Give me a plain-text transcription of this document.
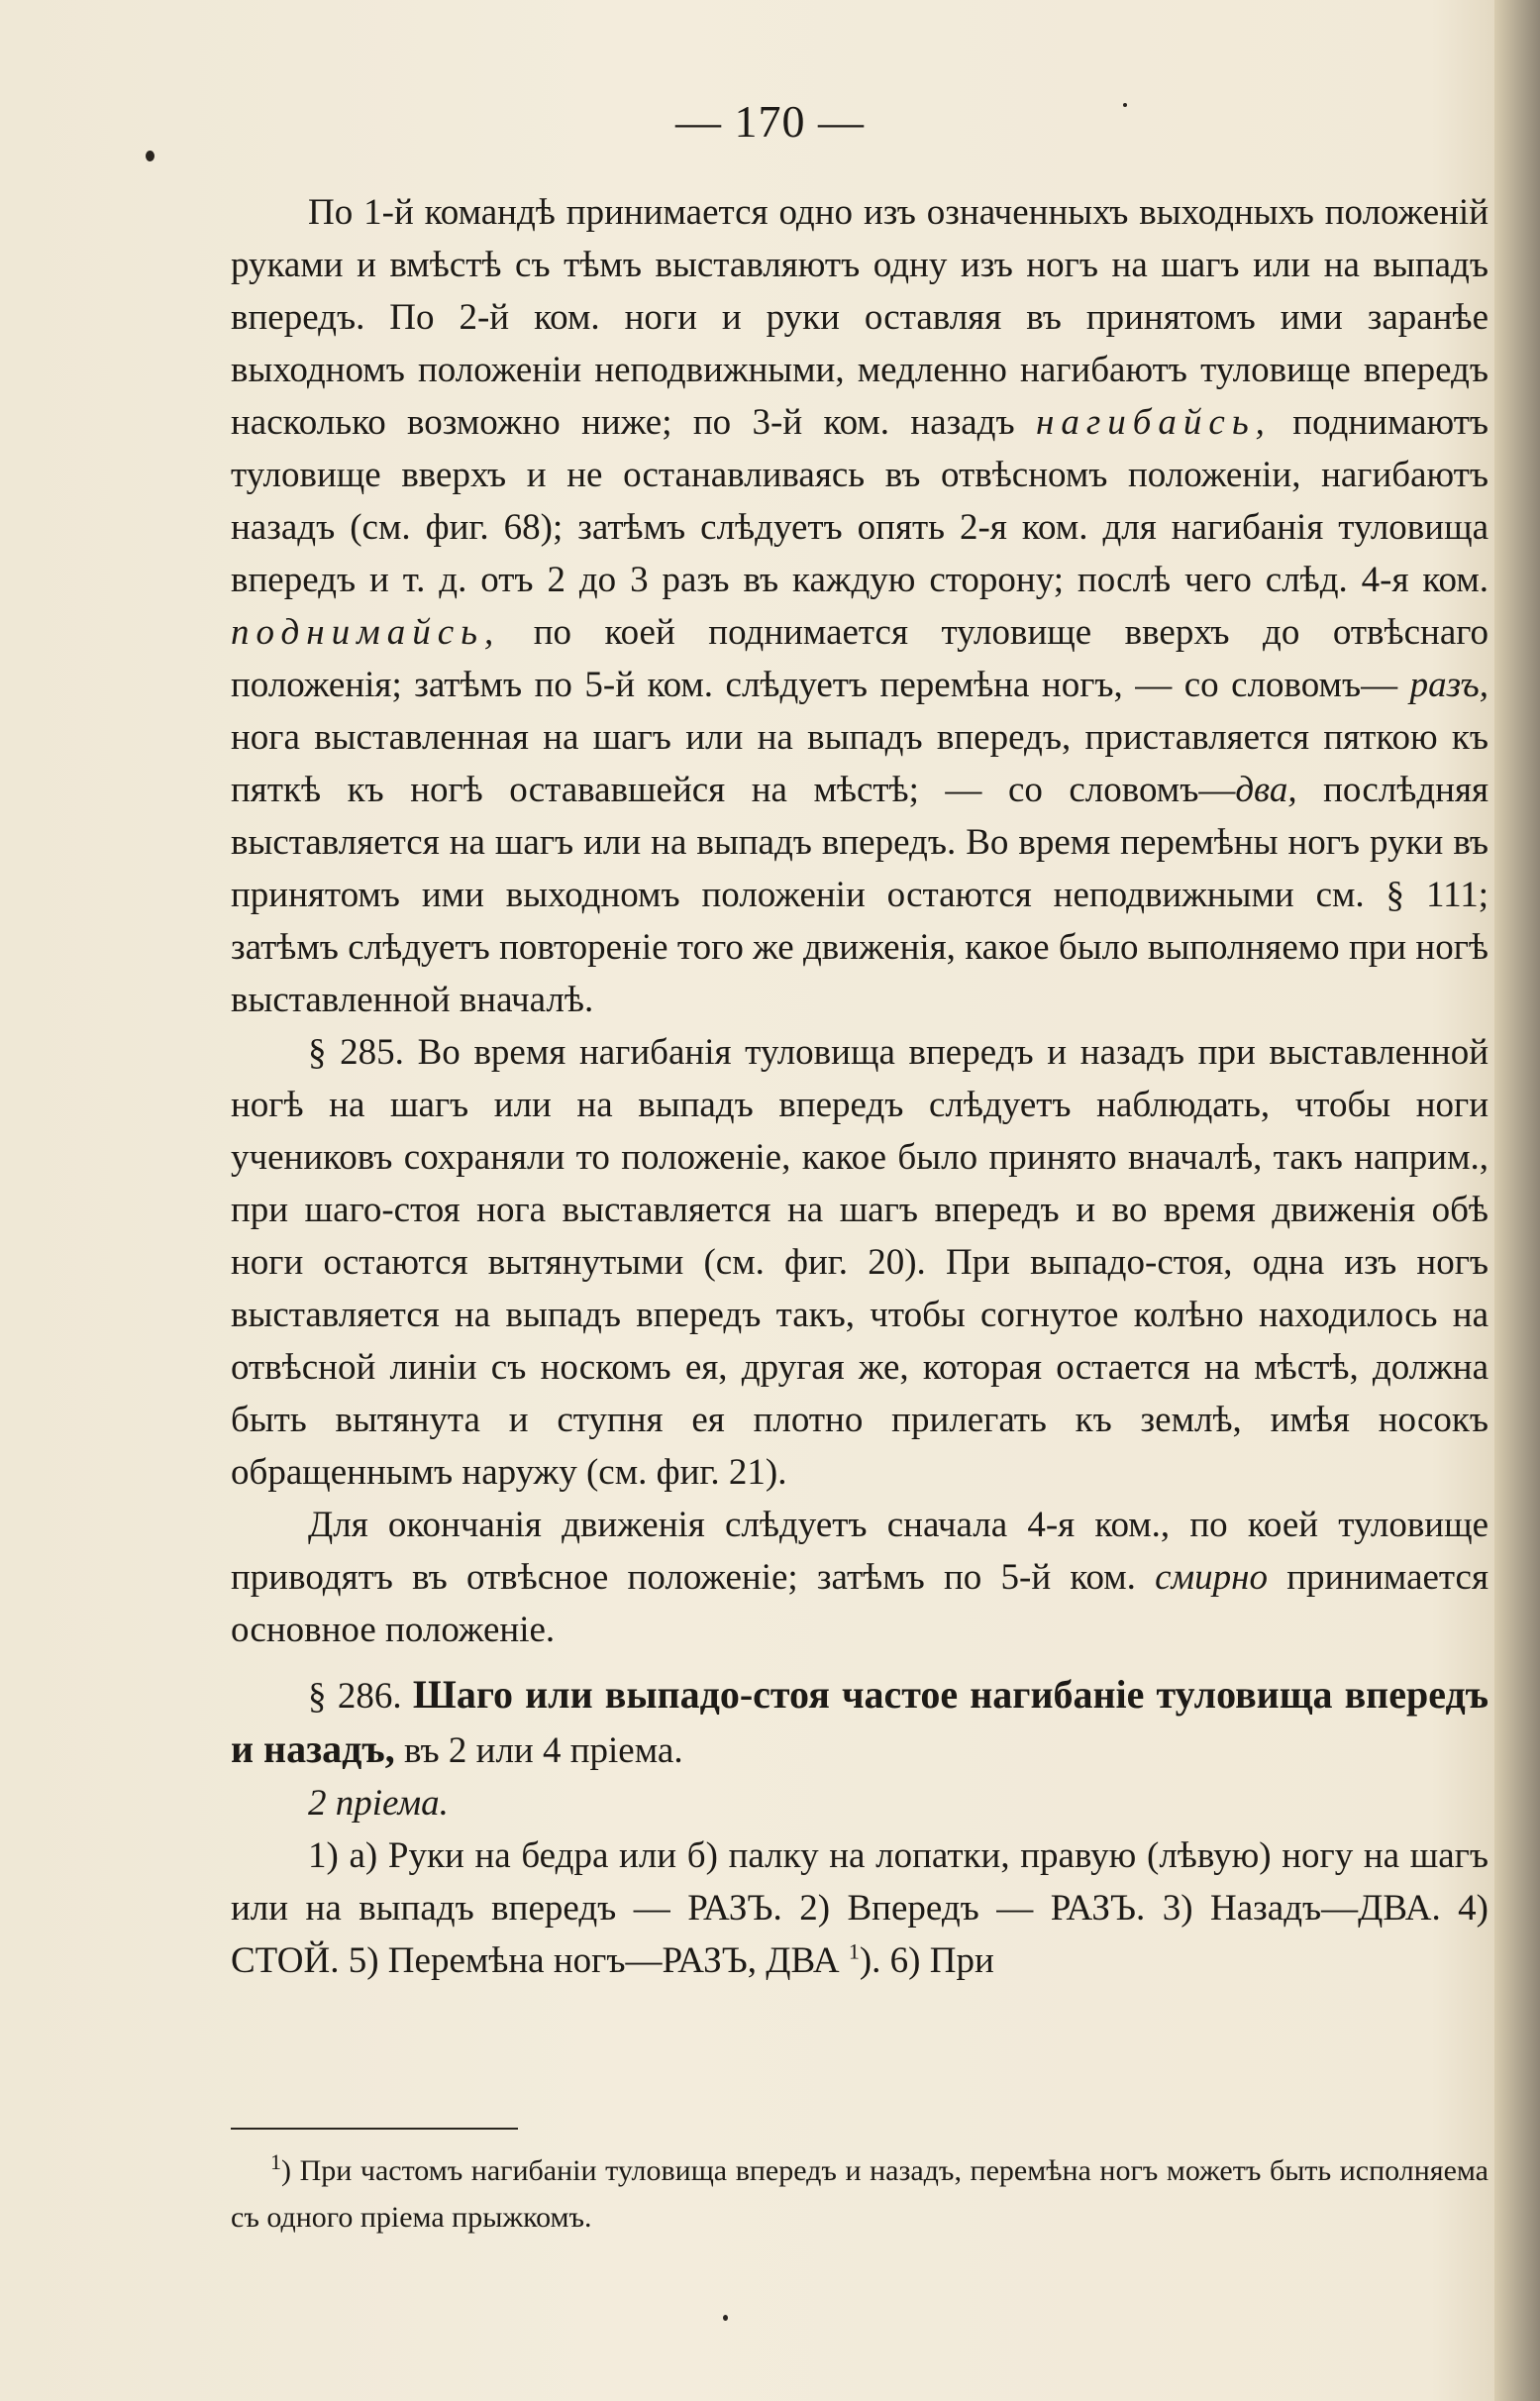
— 170 —

По 1-й командѣ принимается одно изъ означенныхъ выходныхъ положеній руками и вмѣстѣ съ тѣмъ выставляютъ одну изъ ногъ на шагъ или на выпадъ впередъ. По 2-й ком. ноги и руки оставляя въ принятомъ ими заранѣе выходномъ положеніи неподвижными, медленно нагибаютъ туловище впередъ насколько возможно ниже; по 3-й ком. назадъ нагибайсь, поднимаютъ туловище вверхъ и не останавливаясь въ отвѣсномъ положеніи, нагибаютъ назадъ (см. фиг. 68); затѣмъ слѣдуетъ опять 2-я ком. для нагибанія туловища впередъ и т. д. отъ 2 до 3 разъ въ каждую сторону; послѣ чего слѣд. 4-я ком. поднимайсь, по коей поднимается туловище вверхъ до отвѣснаго положенія; затѣмъ по 5-й ком. слѣдуетъ перемѣна ногъ, — со словомъ— разъ, нога выставленная на шагъ или на выпадъ впередъ, приставляется пяткою къ пяткѣ къ ногѣ остававшейся на мѣстѣ; — со словомъ—два, послѣдняя выставляется на шагъ или на выпадъ впередъ. Во время перемѣны ногъ руки въ принятомъ ими выходномъ положеніи остаются неподвижными см. § 111; затѣмъ слѣдуетъ повтореніе того же движенія, какое было выполняемо при ногѣ выставленной вначалѣ.

§ 285. Во время нагибанія туловища впередъ и назадъ при выставленной ногѣ на шагъ или на выпадъ впередъ слѣдуетъ наблюдать, чтобы ноги учениковъ сохраняли то положеніе, какое было принято вначалѣ, такъ наприм., при шаго-стоя нога выставляется на шагъ впередъ и во время движенія обѣ ноги остаются вытянутыми (см. фиг. 20). При выпадо-стоя, одна изъ ногъ выставляется на выпадъ впередъ такъ, чтобы согнутое колѣно находилось на отвѣсной линіи съ носкомъ ея, другая же, которая остается на мѣстѣ, должна быть вытянута и ступня ея плотно прилегать къ землѣ, имѣя носокъ обращеннымъ наружу (см. фиг. 21).

Для окончанія движенія слѣдуетъ сначала 4-я ком., по коей туловище приводятъ въ отвѣсное положеніе; затѣмъ по 5-й ком. смирно принимается основное положеніе.

§ 286. Шаго или выпадо-стоя частое нагибаніе туловища впередъ и назадъ, въ 2 или 4 пріема.

2 пріема.

1) а) Руки на бедра или б) палку на лопатки, правую (лѣвую) ногу на шагъ или на выпадъ впередъ — РАЗЪ. 2) Впередъ — РАЗЪ. 3) Назадъ—ДВА. 4) СТОЙ. 5) Перемѣна ногъ—РАЗЪ, ДВА $^1$). 6) При

$^1$) При частомъ нагибаніи туловища впередъ и назадъ, перемѣна ногъ можетъ быть исполняема съ одного пріема прыжкомъ.
